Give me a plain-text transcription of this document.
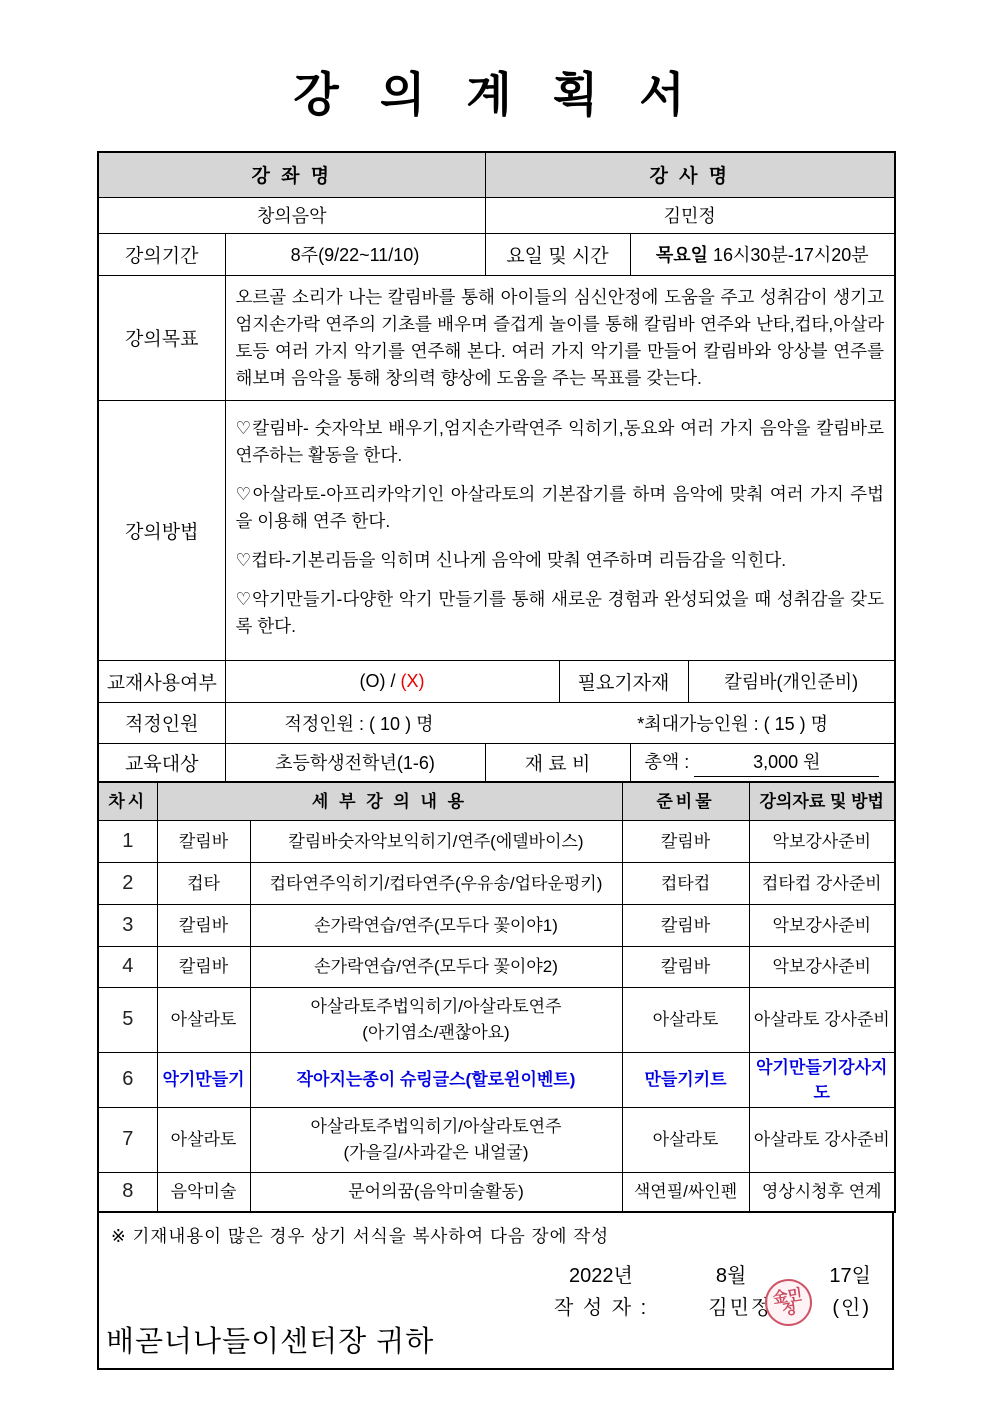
강 의 계 획 서
강 좌 명		강 사 명			
창의음악		김민정			
강의기간	8주(9/22~11/10)	요일 및 시간		목요일 16시30분-17시20분	
강의목표	오르골 소리가 나는 칼림바를 통해 아이들의 심신안정에 도움을 주고 성취감이 생기고 엄지손가락 연주의 기초를 배우며 즐겁게 놀이를 통해 칼림바 연주와 난타,컵타,아살라토등 여러 가지 악기를 연주해 본다. 여러 가지 악기를 만들어 칼림바와 앙상블 연주를 해보며 음악을 통해 창의력 향상에 도움을 주는 목표를 갖는다.				
강의방법	♡칼림바- 숫자악보 배우기,엄지손가락연주 익히기,동요와 여러 가지 음악을 칼림바로 연주하는 활동을 한다.

♡아살라토-아프리카악기인 아살라토의 기본잡기를 하며 음악에 맞춰 여러 가지 주법을 이용해 연주 한다.

♡컵타-기본리듬을 익히며 신나게 음악에 맞춰 연주하며 리듬감을 익힌다.

♡악기만들기-다양한 악기 만들기를 통해 새로운 경험과 완성되었을 때 성취감을 갖도록 한다.				

교재사용여부	(O) / (X)		필요기자재		칼림바(개인준비)
적정인원	적정인원 : ( 10 ) 명 *최대가능인원 : ( 15 ) 명				

교육대상	초등학생전학년(1-6)	재 료 비		총액 : 3,000 원	
차시	세 부 강 의 내 용		준비물	강의자료 및 방법
1	칼림바	칼림바숫자악보익히기/연주(에델바이스)	칼림바	악보강사준비
2	컵타	컵타연주익히기/컵타연주(우유송/업타운펑키)	컵타컵	컵타컵 강사준비
3	칼림바	손가락연습/연주(모두다 꽃이야1)	칼림바	악보강사준비
4	칼림바	손가락연습/연주(모두다 꽃이야2)	칼림바	악보강사준비
5	아살라토	아살라토주법익히기/아살라토연주
(아기염소/괜찮아요)	아살라토	아살라토 강사준비
6	악기만들기	작아지는종이 슈링글스(할로윈이벤트)	만들기키트	악기만들기강사지도
7	아살라토	아살라토주법익히기/아살라토연주
(가을길/사과같은 내얼굴)	아살라토	아살라토 강사준비
8	음악미술	문어의꿈(음악미술활동)	색연필/싸인펜	영상시청후 연계
※ 기재내용이 많은 경우 상기 서식을 복사하여 다음 장에 작성
2022년	8월	17일
작 성 자 :	김민정
金민정	(인)
배곧너나들이센터장 귀하
